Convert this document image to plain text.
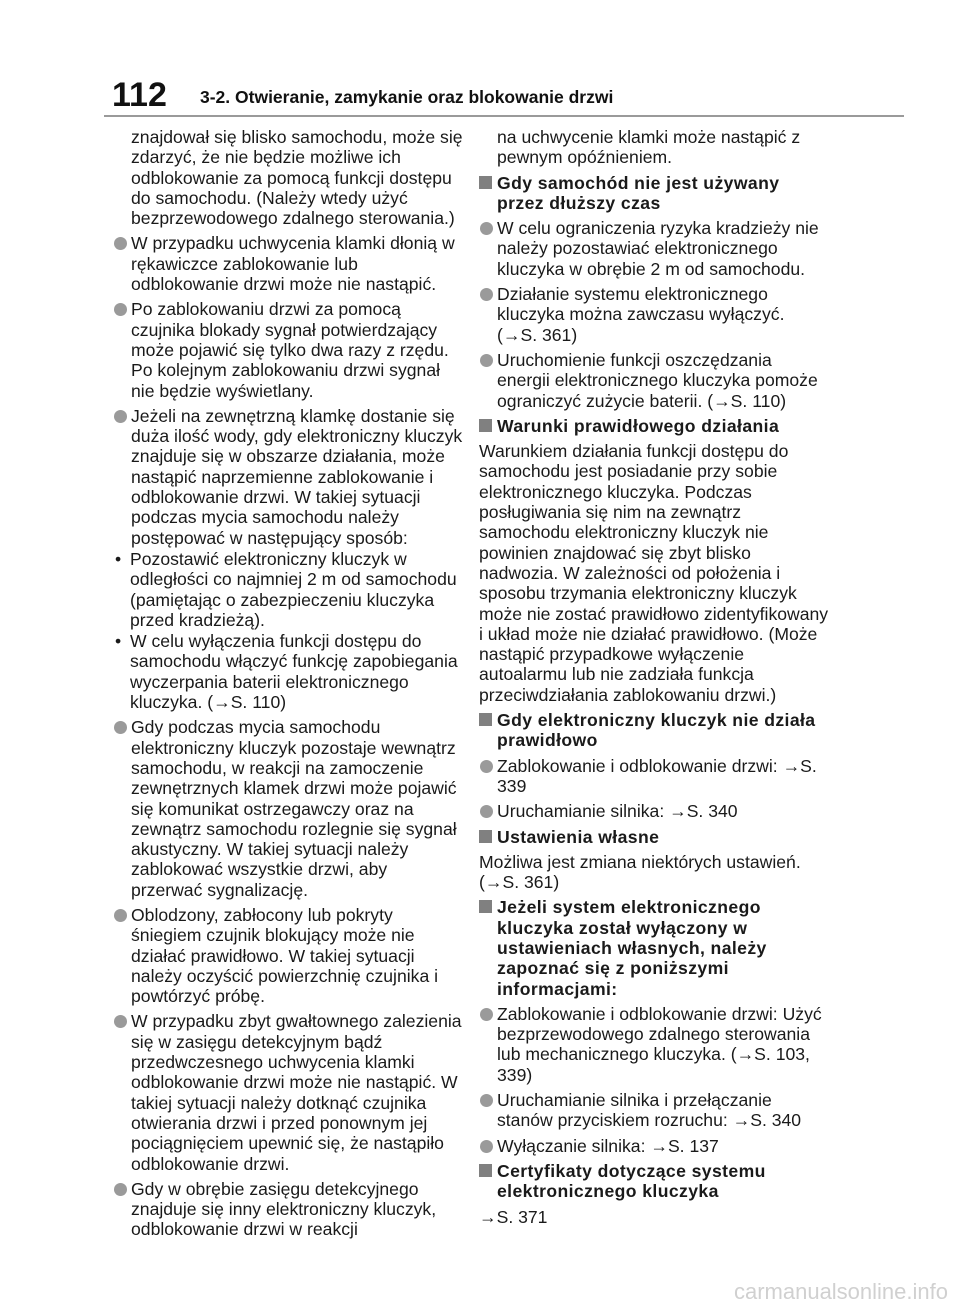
112 3-2. Otwieranie, zamykanie oraz blokowanie drzwi

znajdował się blisko samochodu, może się zdarzyć, że nie będzie możliwe ich odblokowanie za pomocą funkcji dostępu do samochodu. (Należy wtedy użyć bezprzewodowego zdalnego sterowania.)

W przypadku uchwycenia klamki dłonią w rękawiczce zablokowanie lub odblokowanie drzwi może nie nastąpić.
Po zablokowaniu drzwi za pomocą czujnika blokady sygnał potwierdzający może pojawić się tylko dwa razy z rzędu. Po kolejnym zablokowaniu drzwi sygnał nie będzie wyświetlany.
Jeżeli na zewnętrzną klamkę dostanie się duża ilość wody, gdy elektroniczny kluczyk znajduje się w obszarze działania, może nastąpić naprzemienne zablokowanie i odblokowanie drzwi. W takiej sytuacji podczas mycia samochodu należy postępować w następujący sposób:
• Pozostawić elektroniczny kluczyk w odległości co najmniej 2 m od samochodu (pamiętając o zabezpieczeniu kluczyka przed kradzieżą).
• W celu wyłączenia funkcji dostępu do samochodu włączyć funkcję zapobiegania wyczerpania baterii elektronicznego kluczyka. (→S. 110)
Gdy podczas mycia samochodu elektroniczny kluczyk pozostaje wewnątrz samochodu, w reakcji na zamoczenie zewnętrznych klamek drzwi może pojawić się komunikat ostrzegawczy oraz na zewnątrz samochodu rozlegnie się sygnał akustyczny. W takiej sytuacji należy zablokować wszystkie drzwi, aby przerwać sygnalizację.
Oblodzony, zabłocony lub pokryty śniegiem czujnik blokujący może nie działać prawidłowo. W takiej sytuacji należy oczyścić powierzchnię czujnika i powtórzyć próbę.
W przypadku zbyt gwałtownego zalezienia się w zasięgu detekcyjnym bądź przedwczesnego uchwycenia klamki odblokowanie drzwi może nie nastąpić. W takiej sytuacji należy dotknąć czujnika otwierania drzwi i przed ponownym jej pociągnięciem upewnić się, że nastąpiło odblokowanie drzwi.
Gdy w obrębie zasięgu detekcyjnego znajduje się inny elektroniczny kluczyk, odblokowanie drzwi w reakcji

na uchwycenie klamki może nastąpić z pewnym opóźnieniem.

Gdy samochód nie jest używany przez dłuższy czas
W celu ograniczenia ryzyka kradzieży nie należy pozostawiać elektronicznego kluczyka w obrębie 2 m od samochodu.
Działanie systemu elektronicznego kluczyka można zawczasu wyłączyć. (→S. 361)
Uruchomienie funkcji oszczędzania energii elektronicznego kluczyka pomoże ograniczyć zużycie baterii. (→S. 110)
Warunki prawidłowego działania

Warunkiem działania funkcji dostępu do samochodu jest posiadanie przy sobie elektronicznego kluczyka. Podczas posługiwania się nim na zewnątrz samochodu elektroniczny kluczyk nie powinien znajdować się zbyt blisko nadwozia. W zależności od położenia i sposobu trzymania elektroniczny kluczyk może nie zostać prawidłowo zidentyfikowany i układ może nie działać prawidłowo. (Może nastąpić przypadkowe wyłączenie autoalarmu lub nie zadziała funkcja przeciwdziałania zablokowaniu drzwi.)

Gdy elektroniczny kluczyk nie działa prawidłowo
Zablokowanie i odblokowanie drzwi: →S. 339
Uruchamianie silnika: →S. 340
Ustawienia własne

Możliwa jest zmiana niektórych ustawień. (→S. 361)

Jeżeli system elektronicznego kluczyka został wyłączony w ustawieniach własnych, należy zapoznać się z poniższymi informacjami:
Zablokowanie i odblokowanie drzwi: Użyć bezprzewodowego zdalnego sterowania lub mechanicznego kluczyka. (→S. 103, 339)
Uruchamianie silnika i przełączanie stanów przyciskiem rozruchu: →S. 340
Wyłączanie silnika: →S. 137
Certyfikaty dotyczące systemu elektronicznego kluczyka

→S. 371

carmanualsonline.info
